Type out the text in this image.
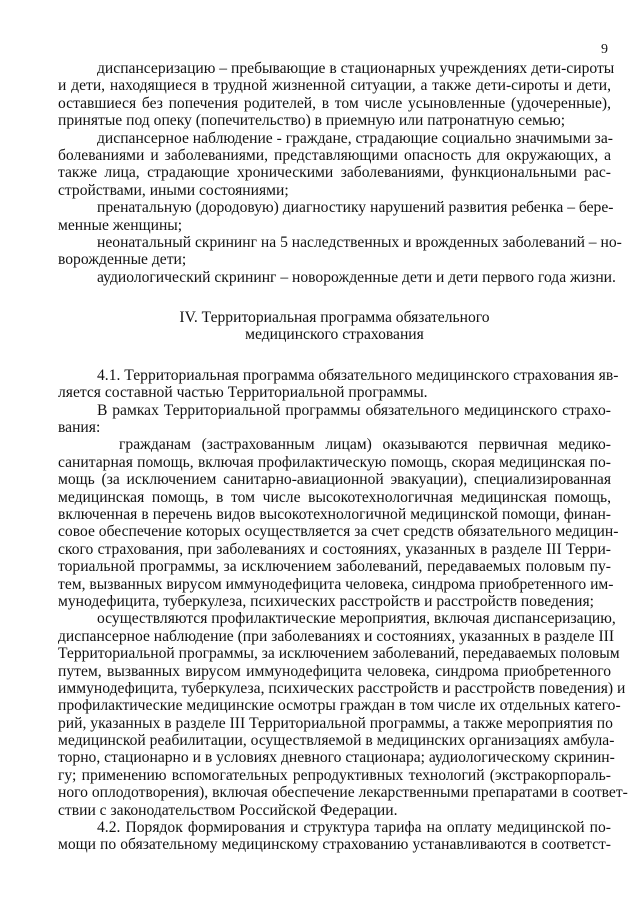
9
диспансеризацию – пребывающие в стационарных учреждениях дети-сироты
и дети, находящиеся в трудной жизненной ситуации, а также дети-сироты и дети,
оставшиеся без попечения родителей, в том числе усыновленные (удочеренные),
принятые под опеку (попечительство) в приемную или патронатную семью;
диспансерное наблюдение - граждане, страдающие социально значимыми за-
болеваниями и заболеваниями, представляющими опасность для окружающих, а
также лица, страдающие хроническими заболеваниями, функциональными рас-
стройствами, иными состояниями;
пренатальную (дородовую) диагностику нарушений развития ребенка – бере-
менные женщины;
неонатальный скрининг на 5 наследственных и врожденных заболеваний – но-
ворожденные дети;
аудиологический скрининг – новорожденные дети и дети первого года жизни.
IV. Территориальная программа обязательного
медицинского страхования
4.1. Территориальная программа обязательного медицинского страхования яв-
ляется составной частью Территориальной программы.
В рамках Территориальной программы обязательного медицинского страхо-
вания:
гражданам (застрахованным лицам) оказываются первичная медико-
санитарная помощь, включая профилактическую помощь, скорая медицинская по-
мощь (за исключением санитарно-авиационной эвакуации), специализированная
медицинская помощь, в том числе высокотехнологичная медицинская помощь,
включенная в перечень видов высокотехнологичной медицинской помощи, финан-
совое обеспечение которых осуществляется за счет средств обязательного медицин-
ского страхования, при заболеваниях и состояниях, указанных в разделе III Терри-
ториальной программы, за исключением заболеваний, передаваемых половым пу-
тем, вызванных вирусом иммунодефицита человека, синдрома приобретенного им-
мунодефицита, туберкулеза, психических расстройств и расстройств поведения;
осуществляются профилактические мероприятия, включая диспансеризацию,
диспансерное наблюдение (при заболеваниях и состояниях, указанных в разделе III
Территориальной программы, за исключением заболеваний, передаваемых половым
путем, вызванных вирусом иммунодефицита человека, синдрома приобретенного
иммунодефицита, туберкулеза, психических расстройств и расстройств поведения) и
профилактические медицинские осмотры граждан в том числе их отдельных катего-
рий, указанных в разделе III Территориальной программы, а также мероприятия по
медицинской реабилитации, осуществляемой в медицинских организациях амбула-
торно, стационарно и в условиях дневного стационара; аудиологическому скринин-
гу; применению вспомогательных репродуктивных технологий (экстракорпораль-
ного оплодотворения), включая обеспечение лекарственными препаратами в соответ-
ствии с законодательством Российской Федерации.
4.2. Порядок формирования и структура тарифа на оплату медицинской по-
мощи по обязательному медицинскому страхованию устанавливаются в соответст-
